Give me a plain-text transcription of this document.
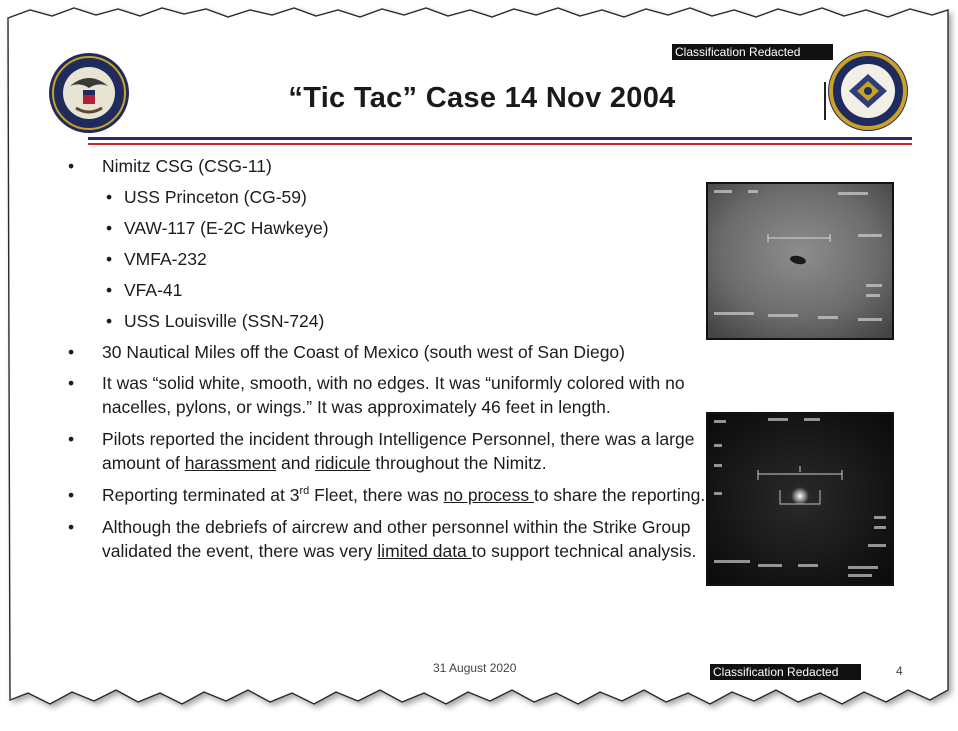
Classification Redacted
“Tic Tac” Case 14 Nov 2004
• Nimitz CSG (CSG-11)
• USS Princeton (CG-59)
• VAW-117 (E-2C Hawkeye)
• VMFA-232
• VFA-41
• USS Louisville (SSN-724)
• 30 Nautical Miles off the Coast of Mexico (south west of San Diego)
• It was “solid white, smooth, with no edges. It was “uniformly colored with no nacelles, pylons, or wings.” It was approximately 46 feet in length.
• Pilots reported the incident through Intelligence Personnel, there was a large amount of harassment and ridicule throughout the Nimitz.
• Reporting terminated at 3rd Fleet, there was no process to share the reporting.
• Although the debriefs of aircrew and other personnel within the Strike Group validated the event, there was very limited data to support technical analysis.
31 August 2020	Classification Redacted	4
